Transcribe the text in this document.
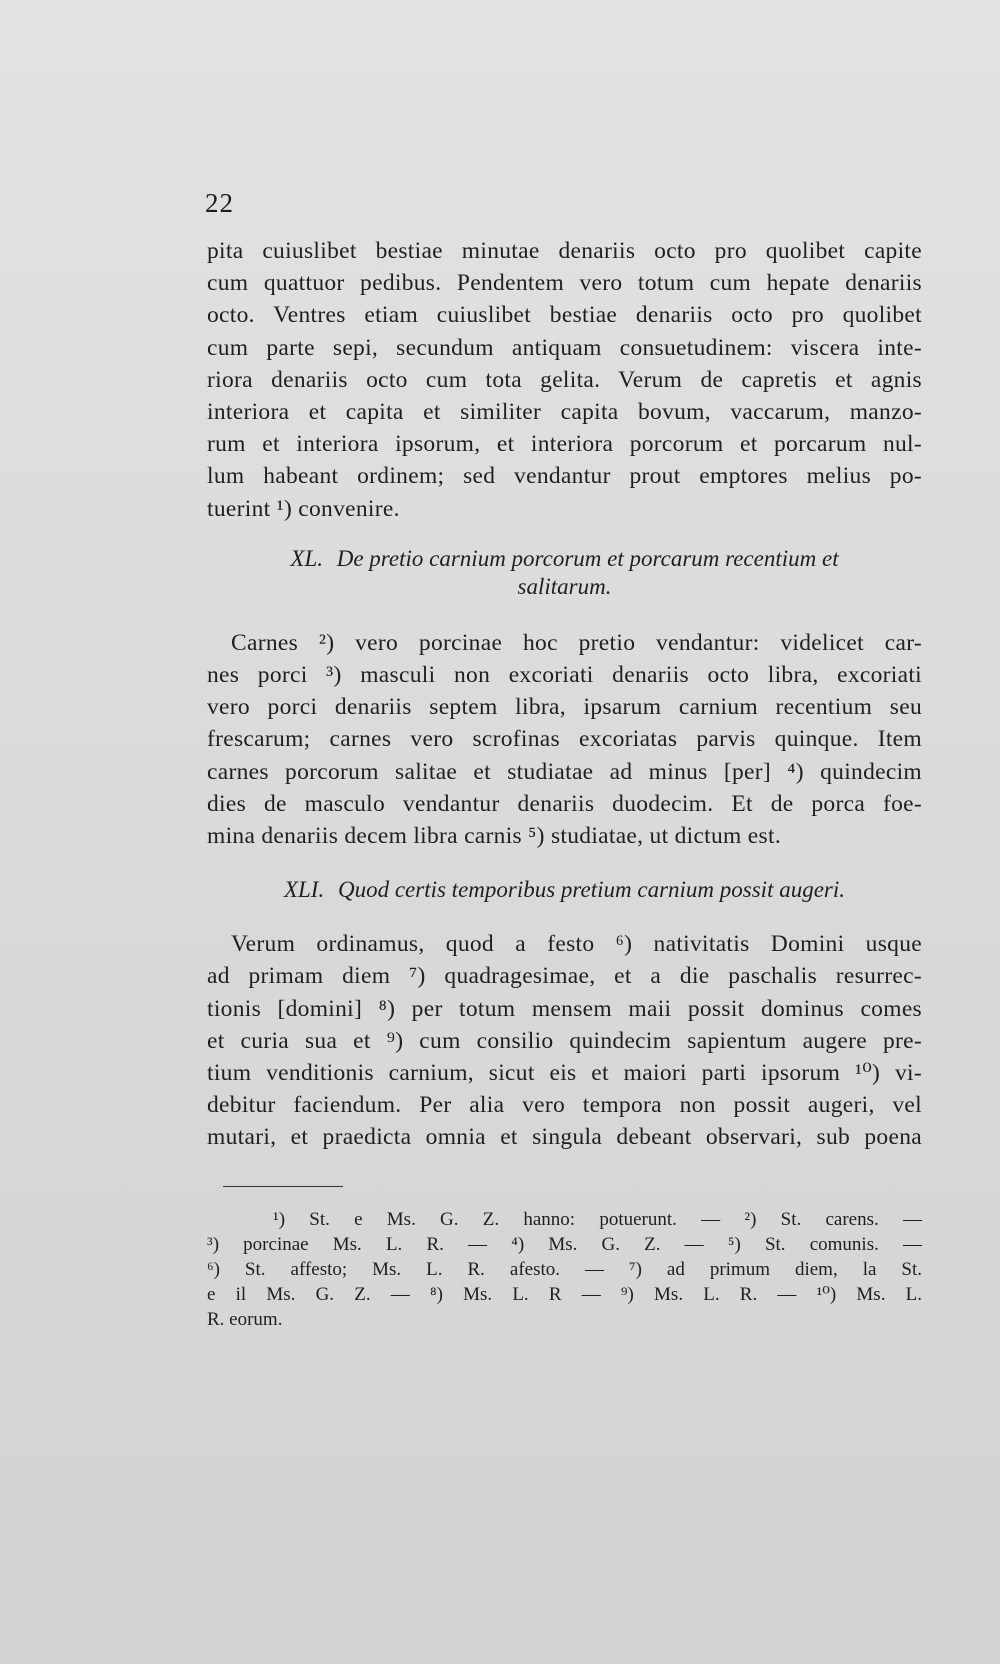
22

pita cuiuslibet bestiae minutae denariis octo pro quolibet capite

cum quattuor pedibus. Pendentem vero totum cum hepate denariis

octo. Ventres etiam cuiuslibet bestiae denariis octo pro quolibet

cum parte sepi, secundum antiquam consuetudinem: viscera inte-

riora denariis octo cum tota gelita. Verum de capretis et agnis

interiora et capita et similiter capita bovum, vaccarum, manzo-

rum et interiora ipsorum, et interiora porcorum et porcarum nul-

lum habeant ordinem; sed vendantur prout emptores melius po-

tuerint ¹) convenire.

XL. De pretio carnium porcorum et porcarum recentium et
salitarum.

Carnes ²) vero porcinae hoc pretio vendantur: videlicet car-

nes porci ³) masculi non excoriati denariis octo libra, excoriati

vero porci denariis septem libra, ipsarum carnium recentium seu

frescarum; carnes vero scrofinas excoriatas parvis quinque. Item

carnes porcorum salitae et studiatae ad minus [per] ⁴) quindecim

dies de masculo vendantur denariis duodecim. Et de porca foe-

mina denariis decem libra carnis ⁵) studiatae, ut dictum est.

XLI. Quod certis temporibus pretium carnium possit augeri.

Verum ordinamus, quod a festo ⁶) nativitatis Domini usque

ad primam diem ⁷) quadragesimae, et a die paschalis resurrec-

tionis [domini] ⁸) per totum mensem maii possit dominus comes

et curia sua et ⁹) cum consilio quindecim sapientum augere pre-

tium venditionis carnium, sicut eis et maiori parti ipsorum ¹⁰) vi-

debitur faciendum. Per alia vero tempora non possit augeri, vel

mutari, et praedicta omnia et singula debeant observari, sub poena

¹) St. e Ms. G. Z. hanno: potuerunt. — ²) St. carens. —

³) porcinae Ms. L. R. — ⁴) Ms. G. Z. — ⁵) St. comunis. —

⁶) St. affesto; Ms. L. R. afesto. — ⁷) ad primum diem, la St.

e il Ms. G. Z. — ⁸) Ms. L. R — ⁹) Ms. L. R. — ¹⁰) Ms. L.

R. eorum.
